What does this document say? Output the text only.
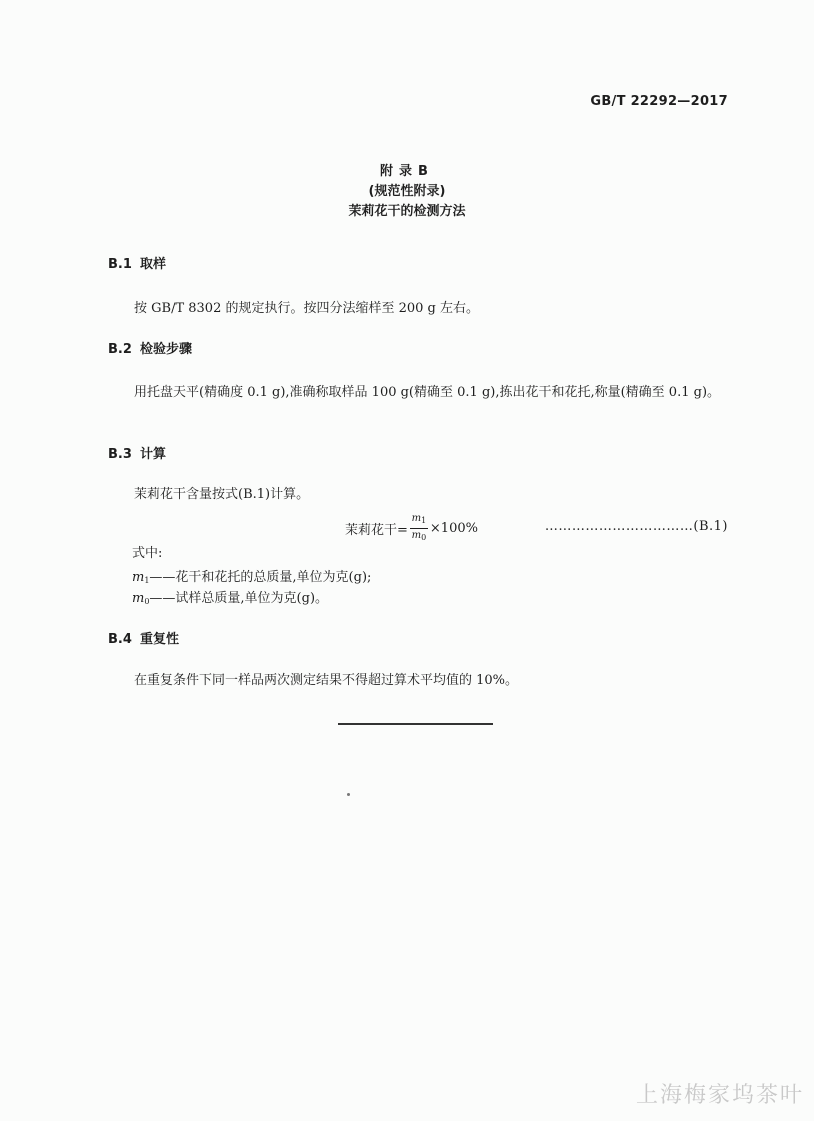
GB/T 22292—2017
附录B
(规范性附录)
茉莉花干的检测方法
B.1 取样
按 GB/T 8302 的规定执行。按四分法缩样至 200 g 左右。
B.2 检验步骤
用托盘天平(精确度 0.1 g),准确称取样品 100 g(精确至 0.1 g),拣出花干和花托,称量(精确至 0.1 g)。
B.3 计算
茉莉花干含量按式(B.1)计算。
茉莉花干= $\frac{m_1}{m_0} \times 100\%$	……………………………(B.1)
式中:
$m_1——$花干和花托的总质量,单位为克(g);
$m_0——$试样总质量,单位为克(g)。
B.4 重复性
在重复条件下同一样品两次测定结果不得超过算术平均值的 10%。
上海梅家坞茶叶
